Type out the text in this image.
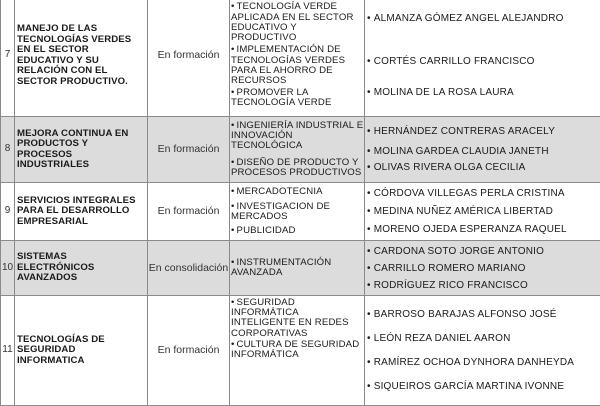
7	MANEJO DE LAS TECNOLOGÍAS VERDES EN EL SECTOR EDUCATIVO Y SU RELACIÓN CON EL SECTOR PRODUCTIVO.	En formación	• TECNOLOGÍA VERDE APLICADA EN EL SECTOR EDUCATIVO Y PRODUCTIVO
• IMPLEMENTACIÓN DE TECNOLOGÍAS VERDES PARA EL AHORRO DE RECURSOS
• PROMOVER LA TECNOLOGÍA VERDE	• ALMANZA GÓMEZ ANGEL ALEJANDRO
• CORTÉS CARRILLO FRANCISCO
• MOLINA DE LA ROSA LAURA

8	MEJORA CONTINUA EN PRODUCTOS Y PROCESOS INDUSTRIALES	En formación	• INGENIERÍA INDUSTRIAL E INNOVACIÓN TECNOLÓGICA
• DISEÑO DE PRODUCTO Y PROCESOS PRODUCTIVOS	• HERNÁNDEZ CONTRERAS ARACELY
• MOLINA GARDEA CLAUDIA JANETH
• OLIVAS RIVERA OLGA CECILIA

9	SERVICIOS INTEGRALES PARA EL DESARROLLO EMPRESARIAL	En formación	• MERCADOTECNIA
• INVESTIGACION DE MERCADOS
• PUBLICIDAD	• CÓRDOVA VILLEGAS PERLA CRISTINA
• MEDINA NUÑEZ AMÉRICA LIBERTAD
• MORENO OJEDA ESPERANZA RAQUEL

10	SISTEMAS ELECTRÓNICOS AVANZADOS	En consolidación	• INSTRUMENTACIÓN AVANZADA	• CARDONA SOTO JORGE ANTONIO
• CARRILLO ROMERO MARIANO
• RODRÍGUEZ RICO FRANCISCO

11	TECNOLOGÍAS DE SEGURIDAD INFORMATICA	En formación	• SEGURIDAD INFORMÁTICA INTELIGENTE EN REDES CORPORATIVAS
• CULTURA DE SEGURIDAD INFORMÁTICA	• BARROSO BARAJAS ALFONSO JOSÉ
• LEÓN REZA DANIEL AARON
• RAMÍREZ OCHOA DYNHORA DANHEYDA
• SIQUEIROS GARCÍA MARTINA IVONNE
